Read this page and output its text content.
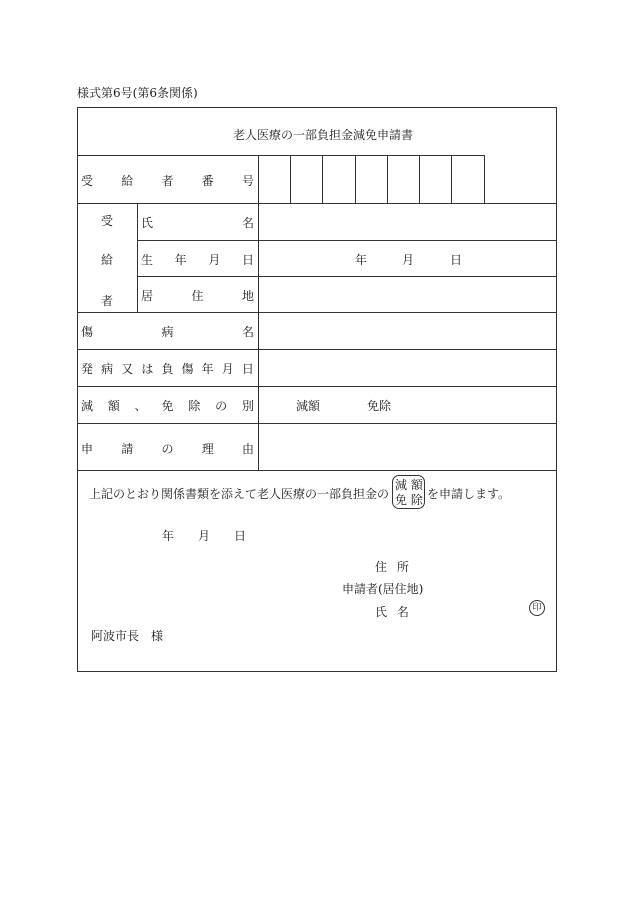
様式第6号(第6条関係)
老人医療の一部負担金減免申請書
受 給 者 番 号
受
給
者
氏	名
生 年 月 日	年	月	日
居	住	地
傷	病	名
発 病 又 は 負 傷 年 月 日
減 額 、 免 除 の 別	減額	免除
申 請 の 理 由
上記のとおり関係書類を添えて老人医療の一部負担金の
減 額
免 除 を申請します。
年 月 日
住 所
申請者(居住地)
氏 名	印
阿波市長　様
